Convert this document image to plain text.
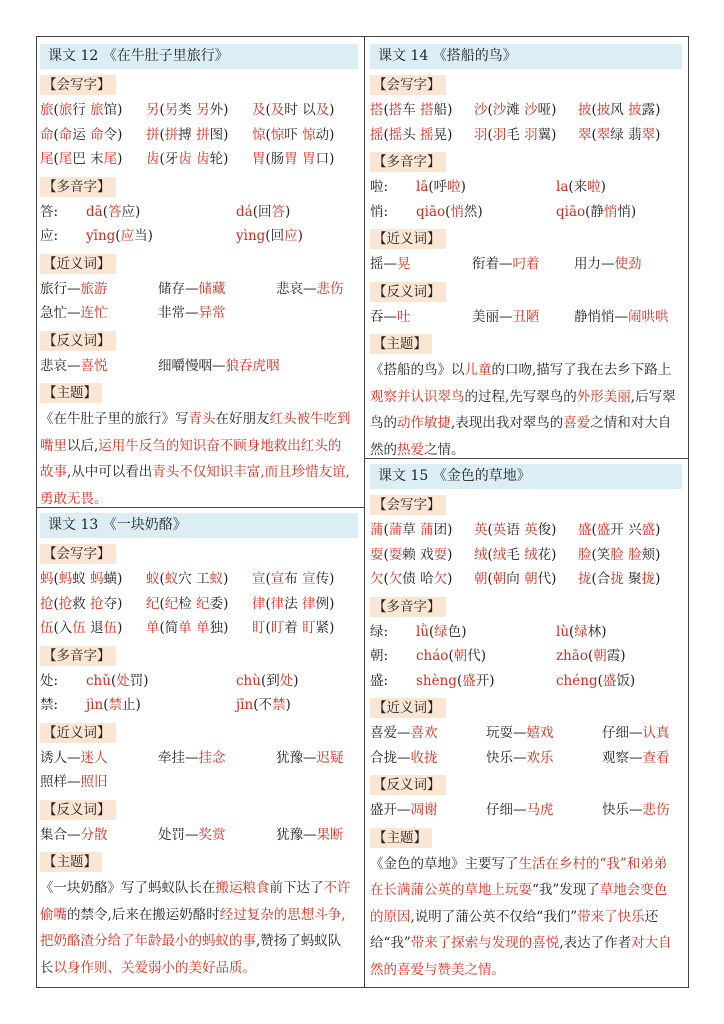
课文 12 《在牛肚子里旅行》
【会写字】
旅(旅行 旅馆) 另(另类 另外) 及(及时 以及)
命(命运 命令) 拼(拼搏 拼图) 惊(惊吓 惊动)
尾(尾巴 末尾) 齿(牙齿 齿轮) 胃(肠胃 胃口)
【多音字】
答: dā(答应)	dá(回答)
应: yīng(应当)	yìng(回应)
【近义词】
旅行—旅游	储存—储藏	悲哀—悲伤
急忙—连忙	非常—异常
【反义词】
悲哀—喜悦	细嚼慢咽—狼吞虎咽
【主题】

《在牛肚子里的旅行》写青头在好朋友红头被牛吃到嘴里以后,运用牛反刍的知识奋不顾身地救出红头的故事,从中可以看出青头不仅知识丰富,而且珍惜友谊,勇敢无畏。

课文 13 《一块奶酪》
【会写字】
蚂(蚂蚁 蚂蟥) 蚁(蚁穴 工蚁) 宣(宣布 宣传)
抢(抢救 抢夺) 纪(纪检 纪委) 律(律法 律例)
伍(入伍 退伍) 单(简单 单独) 盯(盯着 盯紧)
【多音字】
处: chǔ(处罚)	chù(到处)
禁: jìn(禁止)	jīn(不禁)
【近义词】
诱人—迷人	牵挂—挂念	犹豫—迟疑
照样—照旧
【反义词】
集合—分散	处罚—奖赏	犹豫—果断
【主题】

《一块奶酪》写了蚂蚁队长在搬运粮食前下达了不许偷嘴的禁令,后来在搬运奶酪时经过复杂的思想斗争,把奶酪渣分给了年龄最小的蚂蚁的事,赞扬了蚂蚁队长以身作则、关爱弱小的美好品质。

课文 14 《搭船的鸟》
【会写字】
搭(搭车 搭船) 沙(沙滩 沙哑) 披(披风 披露)
摇(摇头 摇晃) 羽(羽毛 羽翼) 翠(翠绿 翡翠)
【多音字】
啦: lā(呼啦)	la(来啦)
悄: qiāo(悄然)	qiāo(静悄悄)
【近义词】
摇—晃	衔着—叼着	用力—使劲
【反义词】
吞—吐	美丽—丑陋	静悄悄—闹哄哄
【主题】

《搭船的鸟》以儿童的口吻,描写了我在去乡下路上观察并认识翠鸟的过程,先写翠鸟的外形美丽,后写翠鸟的动作敏捷,表现出我对翠鸟的喜爱之情和对大自然的热爱之情。

课文 15 《金色的草地》
【会写字】
蒲(蒲草 蒲团) 英(英语 英俊) 盛(盛开 兴盛)
耍(耍赖 戏耍) 绒(绒毛 绒花) 脸(笑脸 脸颊)
欠(欠债 哈欠) 朝(朝向 朝代) 拢(合拢 聚拢)
【多音字】
绿: lǜ(绿色)	lù(绿林)
朝: cháo(朝代)	zhāo(朝霞)
盛: shèng(盛开)	chéng(盛饭)
【近义词】
喜爱—喜欢	玩耍—嬉戏	仔细—认真
合拢—收拢	快乐—欢乐	观察—查看
【反义词】
盛开—凋谢	仔细—马虎	快乐—悲伤
【主题】

《金色的草地》主要写了生活在乡村的“我”和弟弟在长满蒲公英的草地上玩耍“我”发现了草地会变色的原因,说明了蒲公英不仅给“我们”带来了快乐还给“我”带来了探索与发现的喜悦,表达了作者对大自然的喜爱与赞美之情。
